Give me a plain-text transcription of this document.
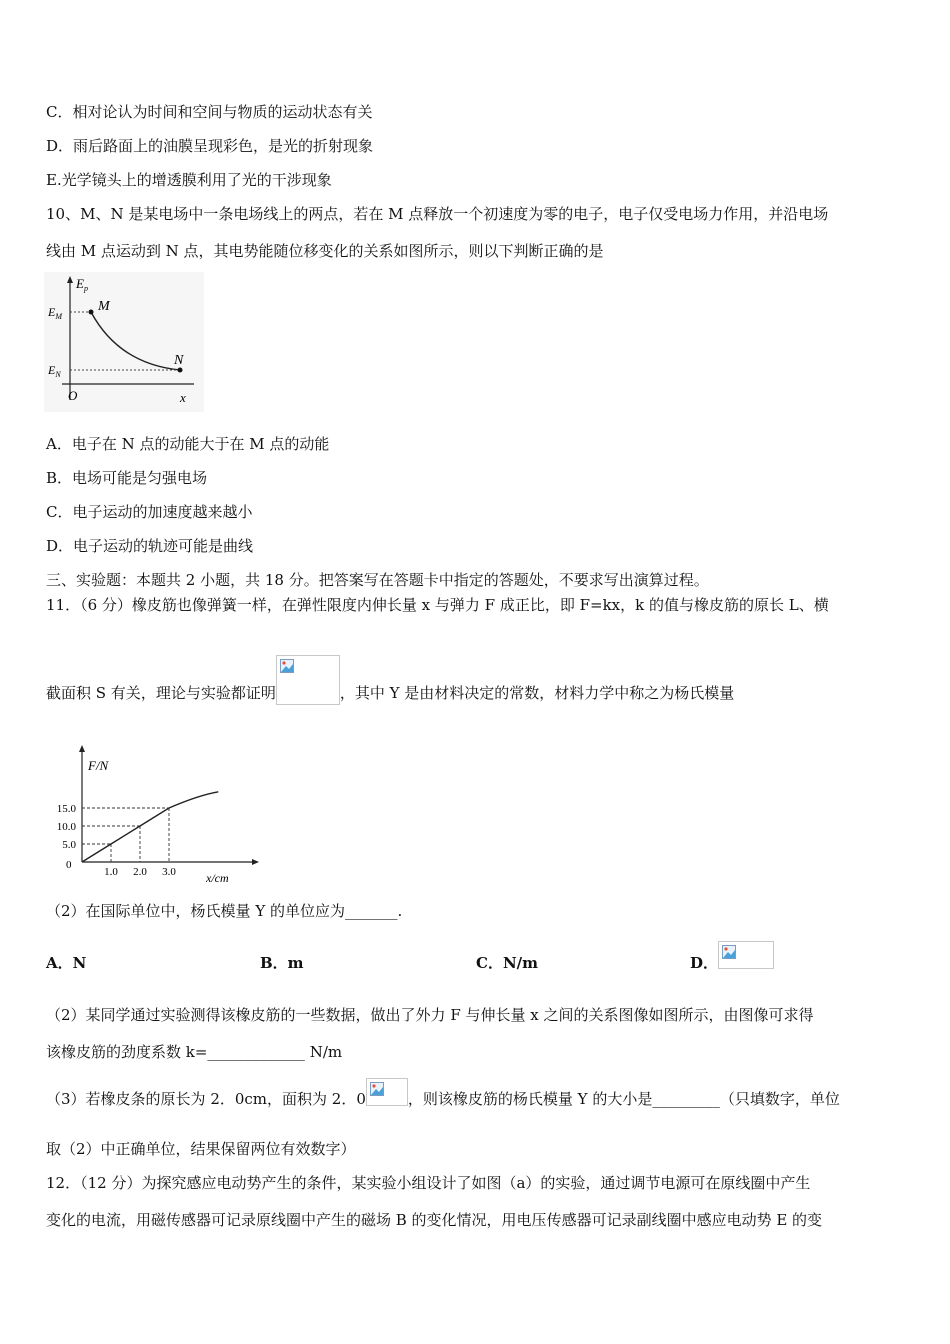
C．相对论认为时间和空间与物质的运动状态有关
D．雨后路面上的油膜呈现彩色，是光的折射现象
E.光学镜头上的增透膜利用了光的干涉现象
10、M、N 是某电场中一条电场线上的两点，若在 M 点释放一个初速度为零的电子，电子仅受电场力作用，并沿电场
线由 M 点运动到 N 点，其电势能随位移变化的关系如图所示，则以下判断正确的是
$E_p$
$E_M$
$E_N$
M
N
O	x
A．电子在 N 点的动能大于在 M 点的动能
B．电场可能是匀强电场
C．电子运动的加速度越来越小
D．电子运动的轨迹可能是曲线
三、实验题：本题共 2 小题，共 18 分。把答案写在答题卡中指定的答题处，不要求写出演算过程。
11．（6 分）橡皮筋也像弹簧一样，在弹性限度内伸长量 x 与弹力 F 成正比，即 F=kx，k 的值与橡皮筋的原长 L、横
截面积 S 有关，理论与实验都证明	，其中 Y 是由材料决定的常数，材料力学中称之为杨氏模量
F/N
x/cm
0
5.0
10.0
15.0
1.0 2.0 3.0
（2）在国际单位中，杨氏模量 Y 的单位应为_______.
A．N	B．m	C．N/m	D．
（2）某同学通过实验测得该橡皮筋的一些数据，做出了外力 F 与伸长量 x 之间的关系图像如图所示，由图像可求得
该橡皮筋的劲度系数 k=_____________ N/m
（3）若橡皮条的原长为 2．0cm，面积为 2．0	，则该橡皮筋的杨氏模量 Y 的大小是_________（只填数字，单位
取（2）中正确单位，结果保留两位有效数字）
12．（12 分）为探究感应电动势产生的条件，某实验小组设计了如图（a）的实验，通过调节电源可在原线圈中产生
变化的电流，用磁传感器可记录原线圈中产生的磁场 B 的变化情况，用电压传感器可记录副线圈中感应电动势 E 的变
